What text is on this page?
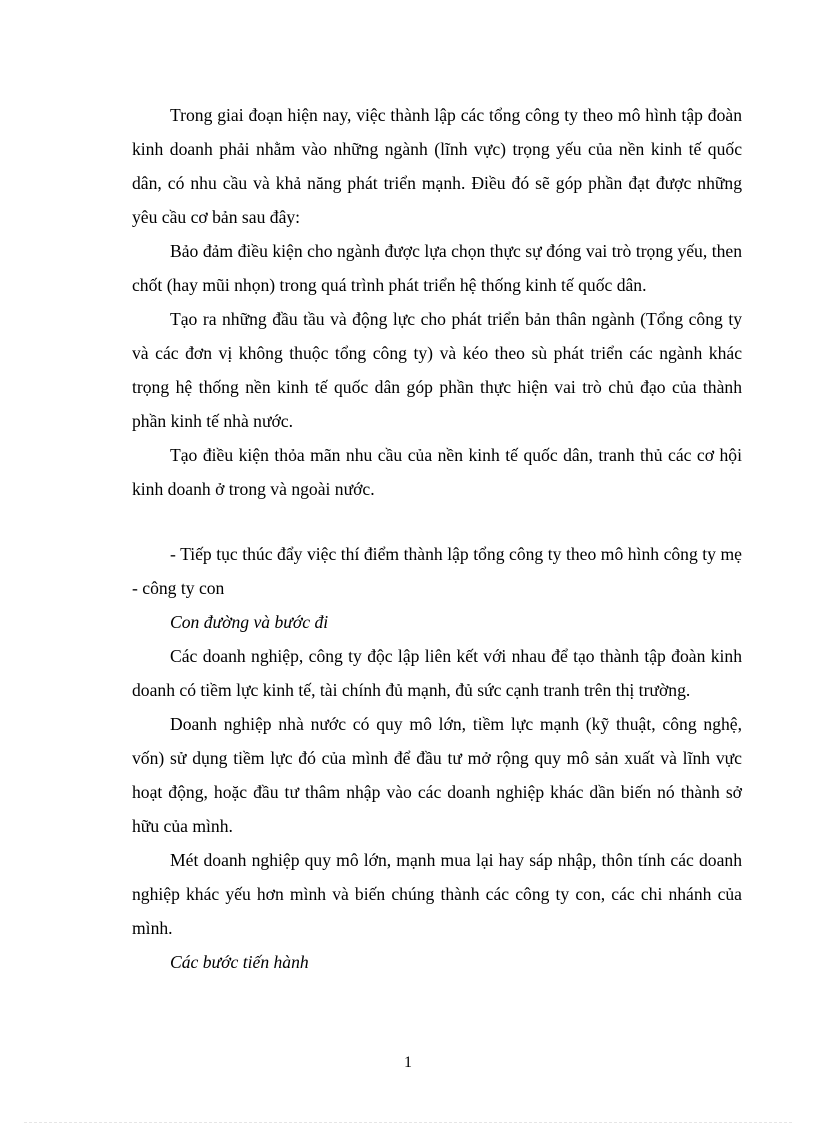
Trong giai đoạn hiện nay, việc thành lập các tổng công ty theo mô hình tập đoàn kinh doanh phải nhằm vào những ngành (lĩnh vực) trọng yếu của nền kinh tế quốc dân, có nhu cầu và khả năng phát triển mạnh. Điều đó sẽ góp phần đạt được những yêu cầu cơ bản sau đây:

Bảo đảm điều kiện cho ngành được lựa chọn thực sự đóng vai trò trọng yếu, then chốt (hay mũi nhọn) trong quá trình phát triển hệ thống kinh tế quốc dân.

Tạo ra những đầu tầu và động lực cho phát triển bản thân ngành (Tổng công ty và các đơn vị không thuộc tổng công ty) và kéo theo sù phát triển các ngành khác trọng hệ thống nền kinh tế quốc dân góp phần thực hiện vai trò chủ đạo của thành phần kinh tế nhà nước.

Tạo điều kiện thỏa mãn nhu cầu của nền kinh tế quốc dân, tranh thủ các cơ hội kinh doanh ở trong và ngoài nước.

- Tiếp tục thúc đẩy việc thí điểm thành lập tổng công ty theo mô hình công ty mẹ - công ty con

Con đường và bước đi

Các doanh nghiệp, công ty độc lập liên kết với nhau để tạo thành tập đoàn kinh doanh có tiềm lực kinh tế, tài chính đủ mạnh, đủ sức cạnh tranh trên thị trường.

Doanh nghiệp nhà nước có quy mô lớn, tiềm lực mạnh (kỹ thuật, công nghệ, vốn) sử dụng tiềm lực đó của mình để đầu tư mở rộng quy mô sản xuất và lĩnh vực hoạt động, hoặc đầu tư thâm nhập vào các doanh nghiệp khác dần biến nó thành sở hữu của mình.

Mét doanh nghiệp quy mô lớn, mạnh mua lại hay sáp nhập, thôn tính các doanh nghiệp khác yếu hơn mình và biến chúng thành các công ty con, các chi nhánh của mình.

Các bước tiến hành

1
